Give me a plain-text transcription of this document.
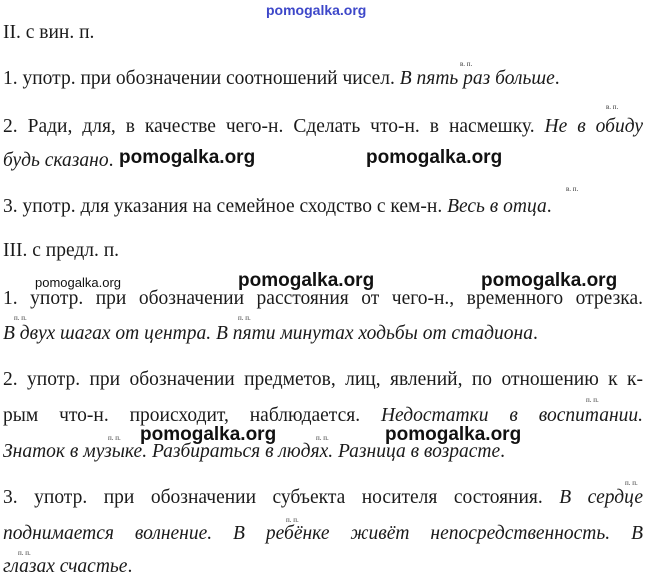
pomogalka.org
II. с вин. п.
в. п.
1. употр. при обозначении соотношений чисел. В пять раз больше.
в. п.
2. Ради, для, в качестве чего-н. Сделать что-н. в насмешку. Не в обиду
будь сказано. pomogalka.org	pomogalka.org
в. п.
3. употр. для указания на семейное сходство с кем-н. Весь в отца.
III. с предл. п.
pomogalka.org	pomogalka.org	pomogalka.org
1. употр. при обозначении расстояния от чего-н., временного отрезка.
п. п.	п. п.
В двух шагах от центра. В пяти минутах ходьбы от стадиона.
2. употр. при обозначении предметов, лиц, явлений, по отношению к к-
п. п.
рым что-н. происходит, наблюдается. Недостатки в воспитании.
п. п.	п. п.
pomogalka.org	pomogalka.org
Знаток в музыке. Разбираться в людях. Разница в возрасте.
п. п.
3. употр. при обозначении субъекта носителя состояния. В сердце
п. п.
поднимается волнение. В ребёнке живёт непосредственность. В
п. п.
глазах счастье.
